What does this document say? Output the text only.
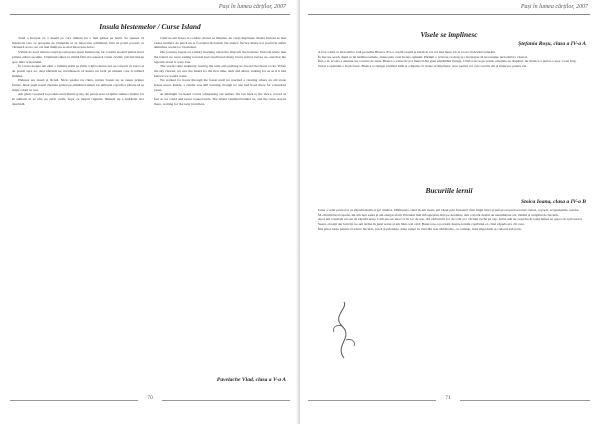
Pași în lumea cărților, 2007
Insula blestemelor / Curse Island

Totul a început cu o insulă pe care nimeni nu o mai găsise pe hartă. Se spunea că marinarii care se apropiau de țărmurile ei se întorceau schimbați, fără să poată povesti ce văzuseră acolo, iar cei mai mulți nu se mai întorceau deloc.

Vântul de nord aducea ceață groasă peste apele întunecate, iar corabia noastră plutea încet printre stânci ascuțite. Căpitanul stătea la cârmă fără să rostească vreun cuvânt, privind mereu spre linia orizontului.

În a treia noapte am zărit o lumină slabă pe țărm. Câțiva dintre noi au coborât cu barca și au pornit spre ea, deși bătrânii ne avertizaseră că insula nu iartă pe nimeni care îi tulbură liniștea.

Pădurea era deasă și tăcută. Nicio pasăre nu cânta, niciun foșnet nu se auzea printre frunze. Doar pașii noștri răsunau apăsat pe pământul umed, iar umbrele copacilor păreau să se miște odată cu noi.

Am găsit o peșteră la poalele unui munte golaș. Pe pereți erau scrijelite semne ciudate, iar în adâncul ei se afla un cufăr vechi, legat cu lanțuri ruginite. Nimeni nu a îndrăznit să-l deschidă.

Când ne-am întors la corabie, marea se liniștise, iar ceața dispăruse. Insula însă nu se mai vedea nicăieri, de parcă nu ar fi existat niciodată. De atunci, fiecare dintre noi poartă în suflet amintirea acelui loc blestemat.

Our journey began on a misty morning when the ship left the harbour. Nobody knew that the island we were sailing towards had swallowed many brave sailors before us, and that the legends about it were true.

The storm came suddenly, tearing the sails and pushing us toward the black rocks. When the sky cleared, we saw the island for the first time, dark and silent, waiting for us as if it had known we would come.

We walked for hours through the forest until we reached a clearing where an old stone house stood. Inside, a candle was still burning, though no one had lived there for a hundred years.

At midnight we heard voices whispering our names. We ran back to the shore, rowed as fast as we could and never looked back. The island vanished behind us, and the curse stayed there, waiting for the next travellers.

Pavelache Vlad, clasa a V-a A
70
Pași în lumea cărților, 2007
Visele se împlinesc
Ștefania Roșu, clasa a IV-a A

A fost odată ca niciodată o fată pe nume Bianca. Era o copilă veselă și harnică, iar cel mai mare vis al ei era să devină balerină.

În fiecare seară, după ce își termina temele, dansa prin casă în fața oglinzii. Părinții o priveau cu drag și o încurajau să nu renunțe niciodată la visul ei.

Într-o zi, școala a anunțat un concurs de dans. Bianca s-a înscris și a muncit din greu săptămâni întregi. Când a urcat pe scenă, emoțiile au dispărut, iar muzica a purtat-o ușor ca un fulg.

Juriul a aplaudat-o în picioare. Bianca a câștigat premiul întâi și a înțeles că visele se împlinesc doar pentru cei care cred în ele și muncesc pentru ele.

Bucuriile iernii
Stoica Ioana, clasa a IV-a B

Iarna a venit peste noi cu zăpadă multă și ger sănătos. Dimineața, când m-am trezit, am văzut prin fereastră cum fulgii mari și pufoși acopereau totul: curtea, copacii, acoperișurile caselor.

M-am îmbrăcat repede, mi-am luat sania și am alergat afară. Prietenii mei mă așteptau deja pe derdeluș. Am coborât dealul de nenumărate ori, râzând și strigând de bucurie.

Apoi am construit un om de zăpadă uriaș. I-am pus un morcov în loc de nas, doi cărbuni în loc de ochi și o căciulă veche pe cap. Arăta atât de vesel încât toată lumea se oprea să-l privească.

Seara, obosiți dar fericiți, ne-am strâns în jurul sobei și am băut ceai cald. Bunica ne-a povestit despre iernile copilăriei ei, când zăpada era cât casa.

Îmi place iarna pentru că aduce bucurie, joacă și prietenie. Abia aștept să vină din nou sărbătorile, cu colinde, brad împodobit și cadouri sub pom.

71
